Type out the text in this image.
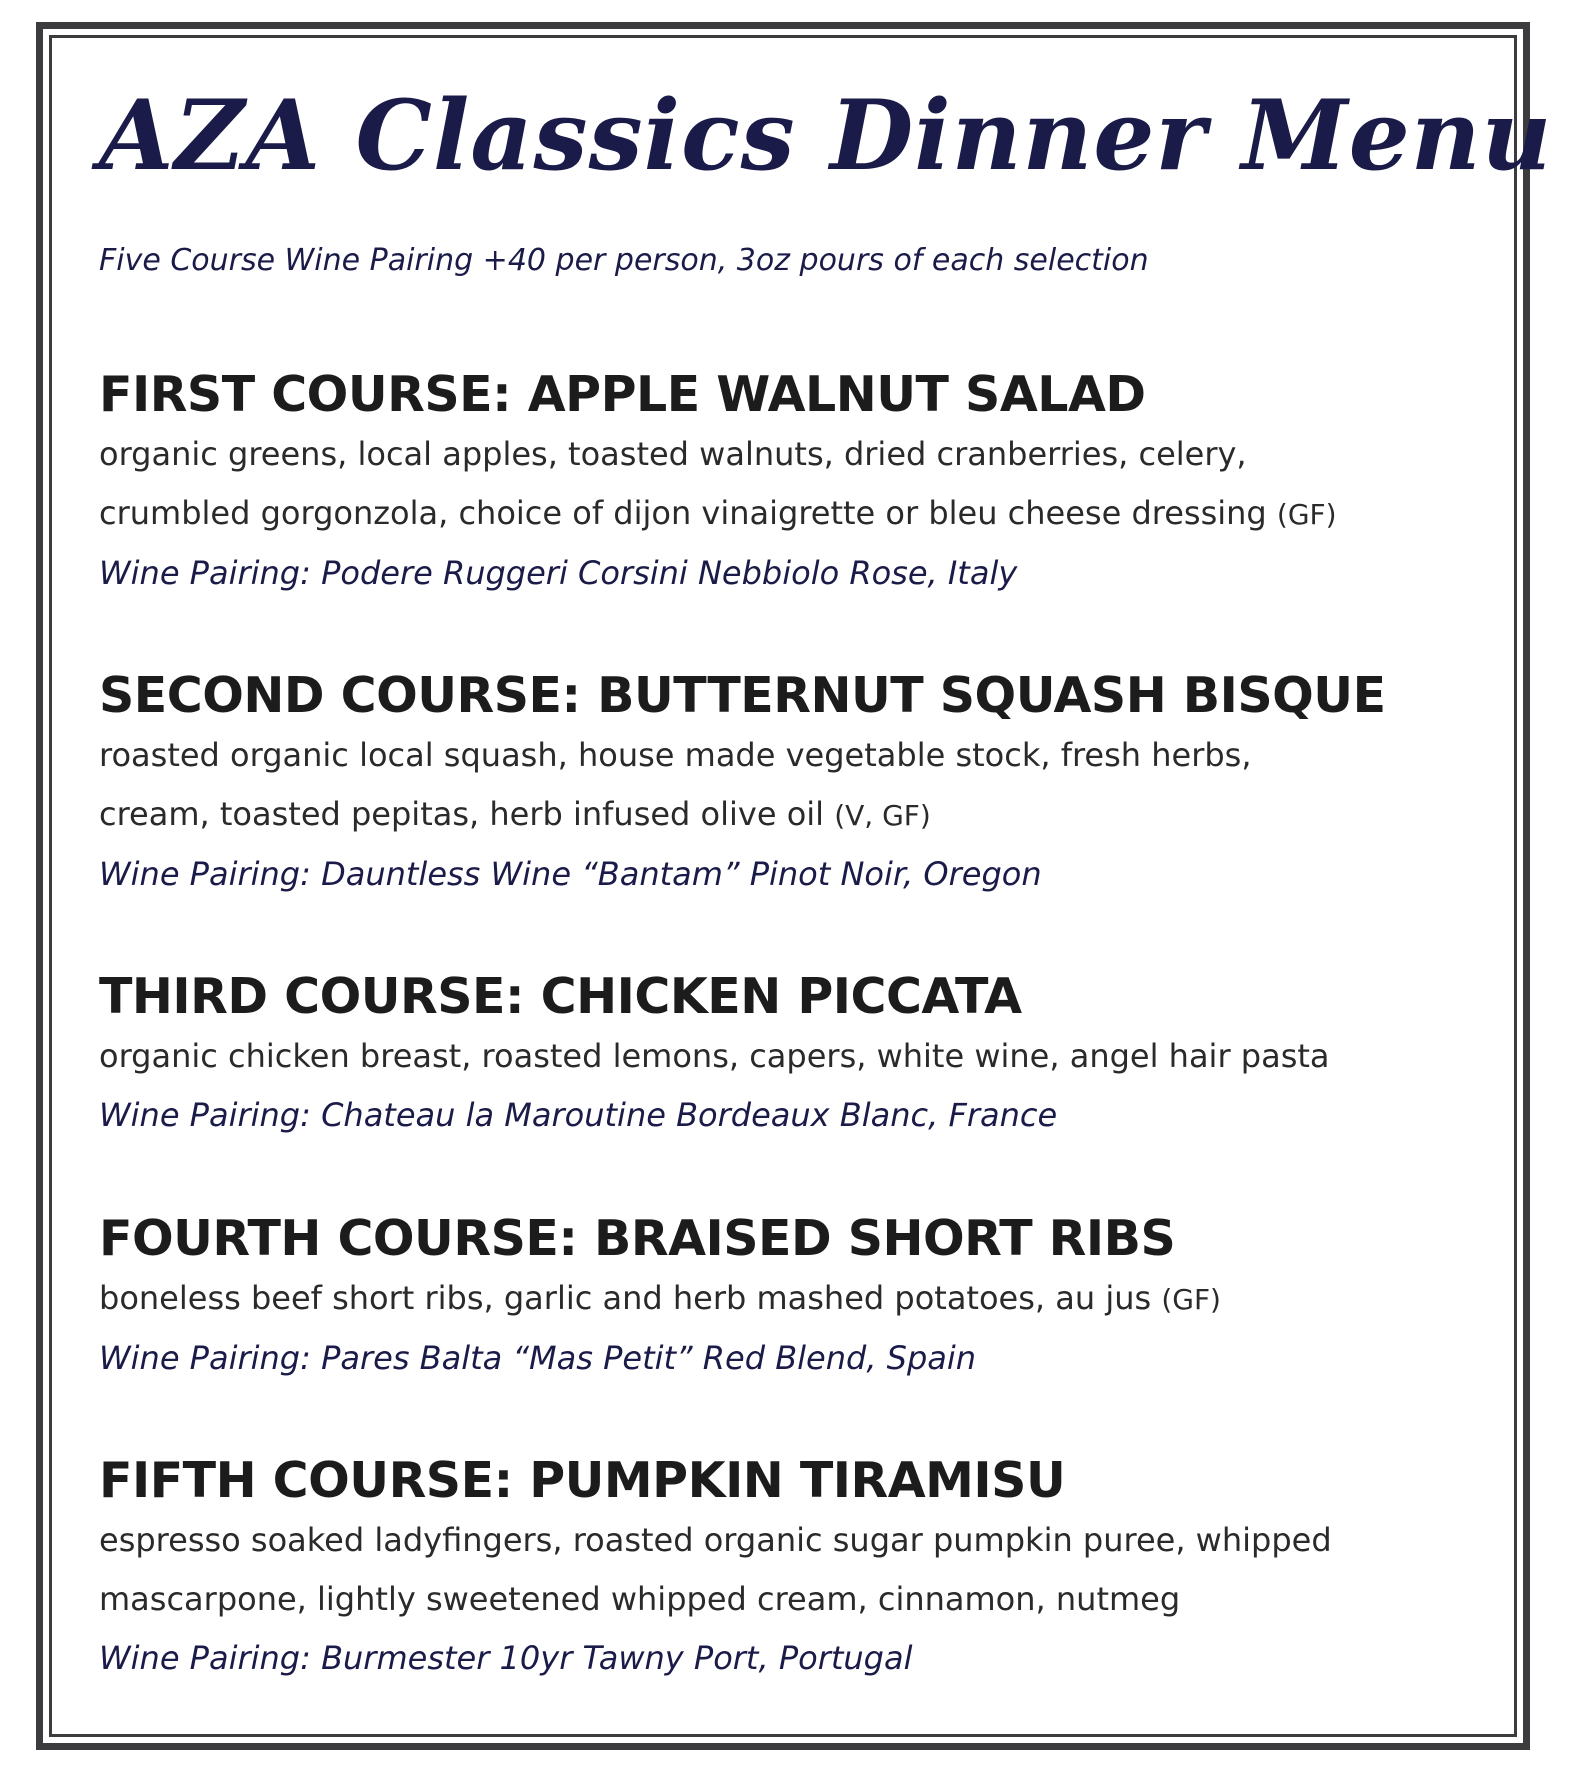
AZA Classics Dinner Menu
Five Course Wine Pairing +40 per person, 3oz pours of each selection
FIRST COURSE: APPLE WALNUT SALAD

organic greens, local apples, toasted walnuts, dried cranberries, celery,

crumbled gorgonzola, choice of dijon vinaigrette or bleu cheese dressing (GF)

Wine Pairing: Podere Ruggeri Corsini Nebbiolo Rose, Italy

SECOND COURSE: BUTTERNUT SQUASH BISQUE

roasted organic local squash, house made vegetable stock, fresh herbs,

cream, toasted pepitas, herb infused olive oil (V, GF)

Wine Pairing: Dauntless Wine “Bantam” Pinot Noir, Oregon

THIRD COURSE: CHICKEN PICCATA

organic chicken breast, roasted lemons, capers, white wine, angel hair pasta

Wine Pairing: Chateau la Maroutine Bordeaux Blanc, France

FOURTH COURSE: BRAISED SHORT RIBS

boneless beef short ribs, garlic and herb mashed potatoes, au jus (GF)

Wine Pairing: Pares Balta “Mas Petit” Red Blend, Spain

FIFTH COURSE: PUMPKIN TIRAMISU

espresso soaked ladyfingers, roasted organic sugar pumpkin puree, whipped

mascarpone, lightly sweetened whipped cream, cinnamon, nutmeg

Wine Pairing: Burmester 10yr Tawny Port, Portugal
